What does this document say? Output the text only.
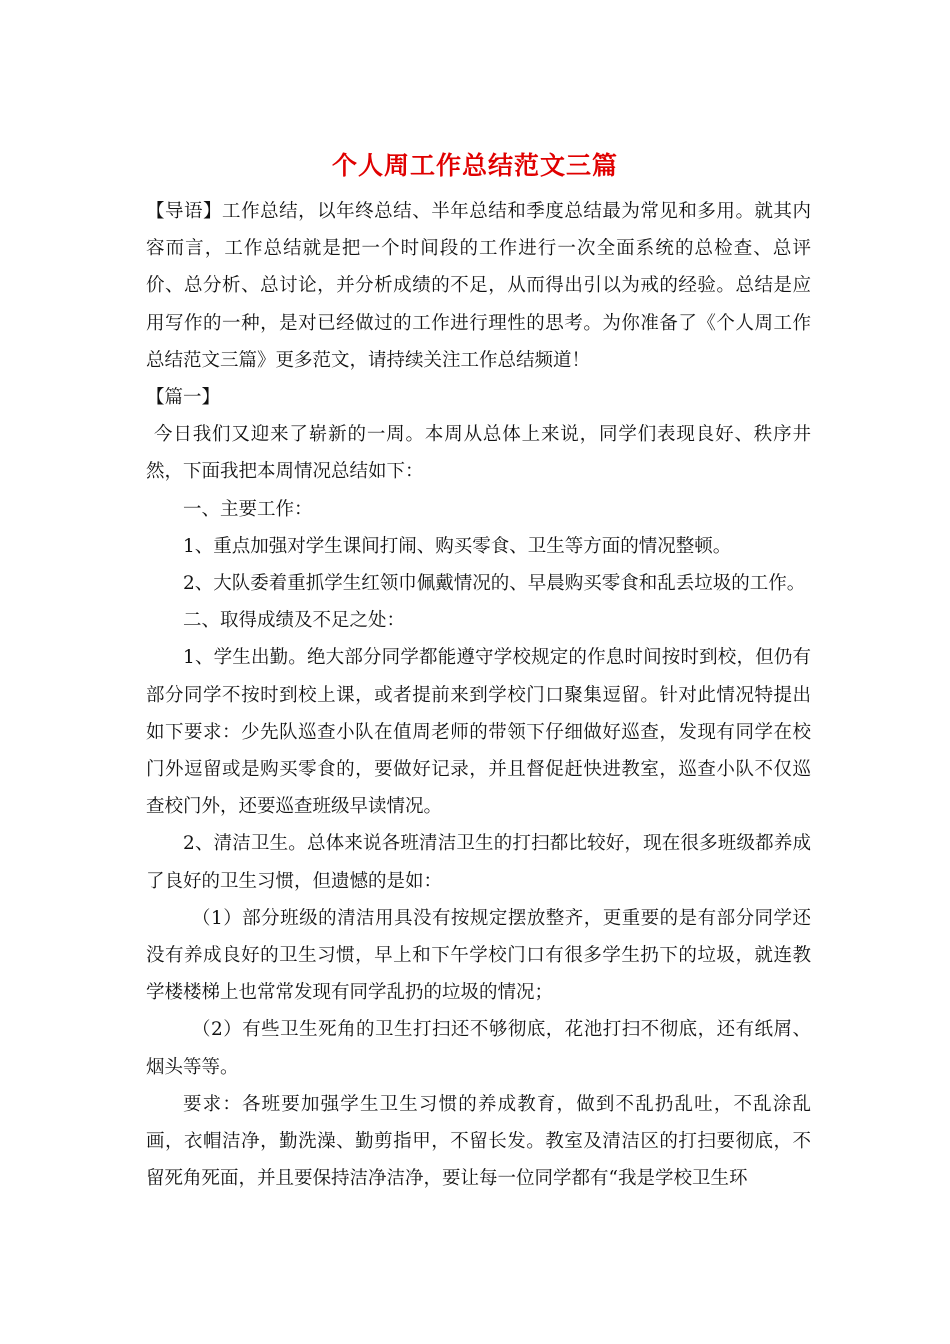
个人周工作总结范文三篇

【导语】工作总结，以年终总结、半年总结和季度总结最为常见和多用。就其内容而言，工作总结就是把一个时间段的工作进行一次全面系统的总检查、总评价、总分析、总讨论，并分析成绩的不足，从而得出引以为戒的经验。总结是应用写作的一种，是对已经做过的工作进行理性的思考。为你准备了《个人周工作总结范文三篇》更多范文，请持续关注工作总结频道！

【篇一】

今日我们又迎来了崭新的一周。本周从总体上来说，同学们表现良好、秩序井然，下面我把本周情况总结如下：

一、主要工作：

1、重点加强对学生课间打闹、购买零食、卫生等方面的情况整顿。

2、大队委着重抓学生红领巾佩戴情况的、早晨购买零食和乱丢垃圾的工作。

二、取得成绩及不足之处：

1、学生出勤。绝大部分同学都能遵守学校规定的作息时间按时到校，但仍有部分同学不按时到校上课，或者提前来到学校门口聚集逗留。针对此情况特提出如下要求：少先队巡查小队在值周老师的带领下仔细做好巡查，发现有同学在校门外逗留或是购买零食的，要做好记录，并且督促赶快进教室，巡查小队不仅巡查校门外，还要巡查班级早读情况。

2、清洁卫生。总体来说各班清洁卫生的打扫都比较好，现在很多班级都养成了良好的卫生习惯，但遗憾的是如：

（1）部分班级的清洁用具没有按规定摆放整齐，更重要的是有部分同学还没有养成良好的卫生习惯，早上和下午学校门口有很多学生扔下的垃圾，就连教学楼楼梯上也常常发现有同学乱扔的垃圾的情况；

（2）有些卫生死角的卫生打扫还不够彻底，花池打扫不彻底，还有纸屑、烟头等等。

要求：各班要加强学生卫生习惯的养成教育，做到不乱扔乱吐，不乱涂乱画，衣帽洁净，勤洗澡、勤剪指甲，不留长发。教室及清洁区的打扫要彻底，不留死角死面，并且要保持洁净洁净，要让每一位同学都有“我是学校卫生环
